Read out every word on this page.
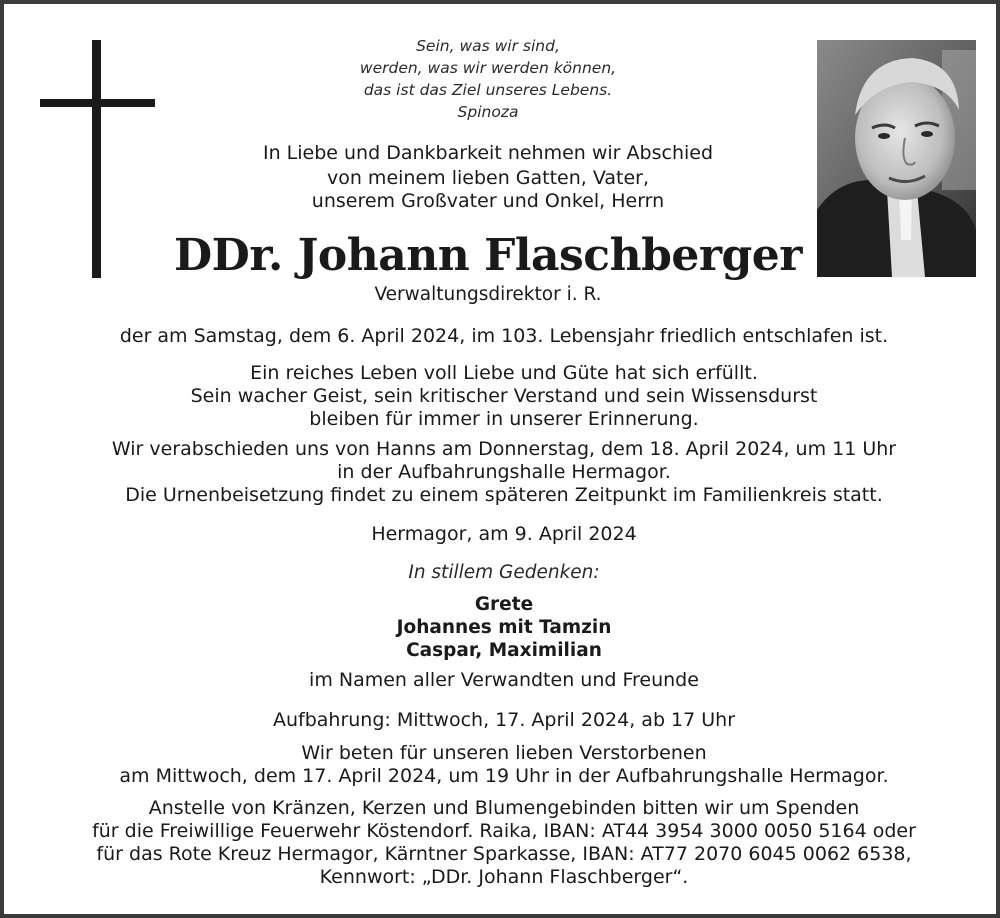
Sein, was wir sind,
werden, was wir werden können,
das ist das Ziel unseres Lebens.
Spinoza
In Liebe und Dankbarkeit nehmen wir Abschied
von meinem lieben Gatten, Vater,
unserem Großvater und Onkel, Herrn
DDr. Johann Flaschberger
Verwaltungsdirektor i. R.
der am Samstag, dem 6. April 2024, im 103. Lebensjahr friedlich entschlafen ist.
Ein reiches Leben voll Liebe und Güte hat sich erfüllt.
Sein wacher Geist, sein kritischer Verstand und sein Wissensdurst
bleiben für immer in unserer Erinnerung.
Wir verabschieden uns von Hanns am Donnerstag, dem 18. April 2024, um 11 Uhr
in der Aufbahrungshalle Hermagor.
Die Urnenbeisetzung findet zu einem späteren Zeitpunkt im Familienkreis statt.
Hermagor, am 9. April 2024
In stillem Gedenken:
Grete
Johannes mit Tamzin
Caspar, Maximilian
im Namen aller Verwandten und Freunde
Aufbahrung: Mittwoch, 17. April 2024, ab 17 Uhr
Wir beten für unseren lieben Verstorbenen
am Mittwoch, dem 17. April 2024, um 19 Uhr in der Aufbahrungshalle Hermagor.
Anstelle von Kränzen, Kerzen und Blumengebinden bitten wir um Spenden
für die Freiwillige Feuerwehr Köstendorf. Raika, IBAN: AT44 3954 3000 0050 5164 oder
für das Rote Kreuz Hermagor, Kärntner Sparkasse, IBAN: AT77 2070 6045 0062 6538,
Kennwort: „DDr. Johann Flaschberger“.
